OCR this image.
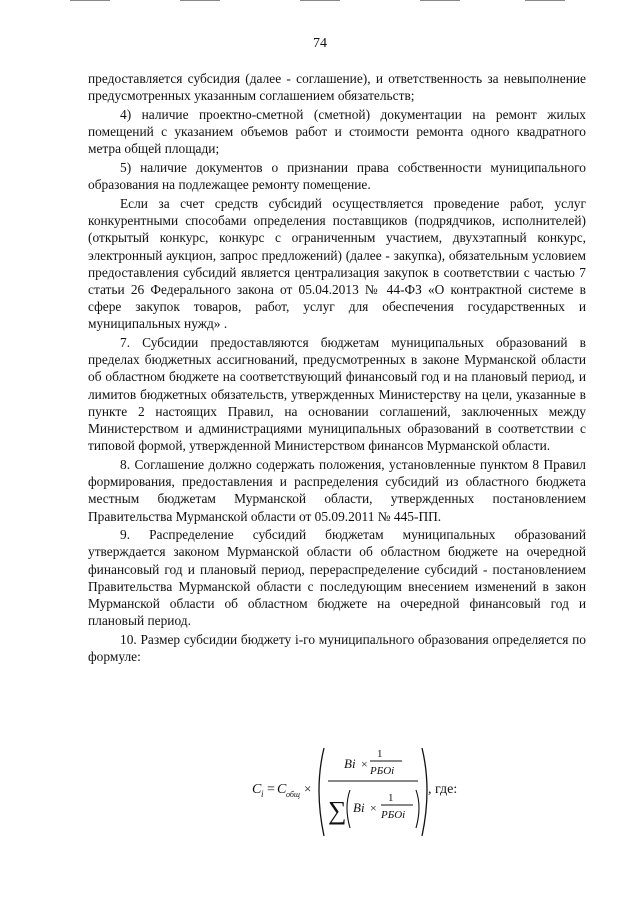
74

предоставляется субсидия (далее - соглашение), и ответственность за невыполнение предусмотренных указанным соглашением обязательств;

4) наличие проектно-сметной (сметной) документации на ремонт жилых помещений с указанием объемов работ и стоимости ремонта одного квадратного метра общей площади;

5) наличие документов о признании права собственности муниципального образования на подлежащее ремонту помещение.

Если за счет средств субсидий осуществляется проведение работ, услуг конкурентными способами определения поставщиков (подрядчиков, исполнителей) (открытый конкурс, конкурс с ограниченным участием, двухэтапный конкурс, электронный аукцион, запрос предложений) (далее - закупка), обязательным условием предоставления субсидий является централизация закупок в соответствии с частью 7 статьи 26 Федерального закона от 05.04.2013 № 44-ФЗ «О контрактной системе в сфере закупок товаров, работ, услуг для обеспечения государственных и муниципальных нужд» .

7. Субсидии предоставляются бюджетам муниципальных образований в пределах бюджетных ассигнований, предусмотренных в законе Мурманской области об областном бюджете на соответствующий финансовый год и на плановый период, и лимитов бюджетных обязательств, утвержденных Министерству на цели, указанные в пункте 2 настоящих Правил, на основании соглашений, заключенных между Министерством и администрациями муниципальных образований в соответствии с типовой формой, утвержденной Министерством финансов Мурманской области.

8. Соглашение должно содержать положения, установленные пунктом 8 Правил формирования, предоставления и распределения субсидий из областного бюджета местным бюджетам Мурманской области, утвержденных постановлением Правительства Мурманской области от 05.09.2011 № 445-ПП.

9. Распределение субсидий бюджетам муниципальных образований утверждается законом Мурманской области об областном бюджете на очередной финансовый год и плановый период, перераспределение субсидий - постановлением Правительства Мурманской области с последующим внесением изменений в закон Мурманской области об областном бюджете на очередной финансовый год и плановый период.

10. Размер субсидии бюджету i-го муниципального образования определяется по формуле:

C i = C общ ×
Bi ×
1
РБОi
∑ Bi ×
1
РБОi
, где:
